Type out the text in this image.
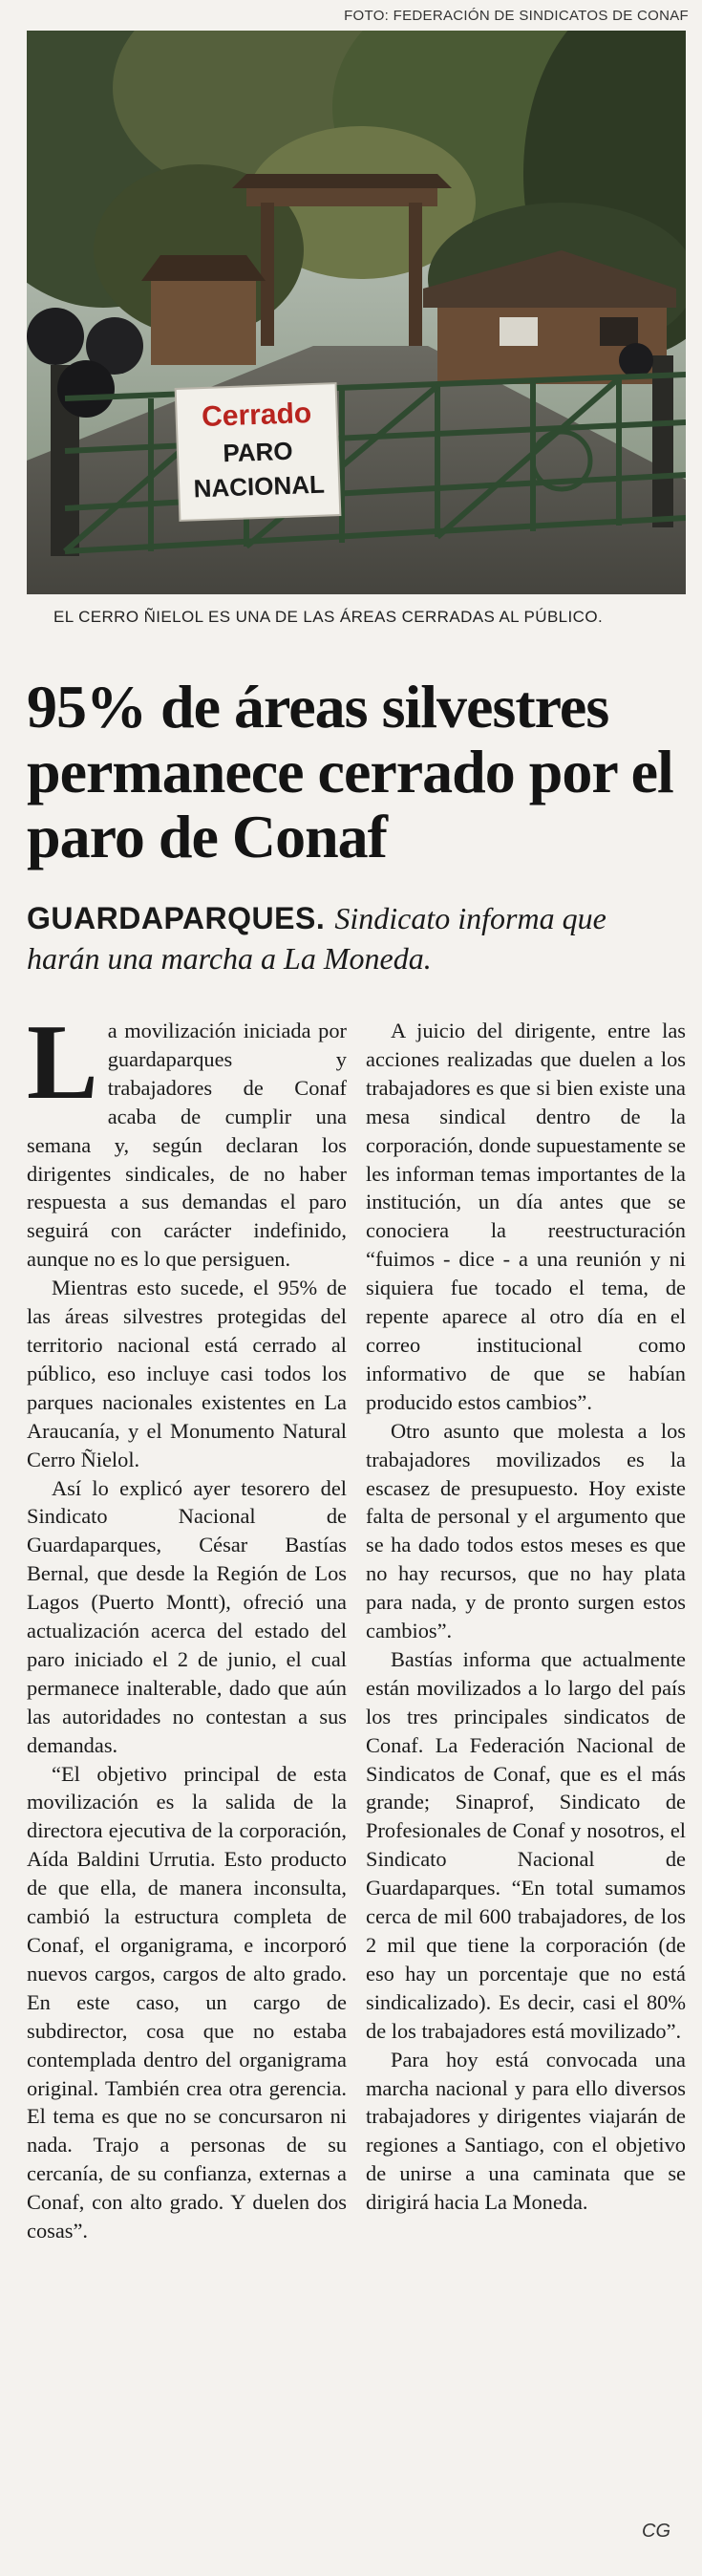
FOTO: FEDERACIÓN DE SINDICATOS DE CONAF
Cerrado
PARO
NACIONAL
EL CERRO ÑIELOL ES UNA DE LAS ÁREAS CERRADAS AL PÚBLICO.
95% de áreas silvestres permanece cerrado por el paro de Conaf
GUARDAPARQUES. Sindicato informa que harán una marcha a La Moneda.

La movilización iniciada por guardaparques y trabajadores de Conaf acaba de cumplir una semana y, según declaran los dirigentes sindicales, de no haber respuesta a sus demandas el paro seguirá con carácter indefinido, aunque no es lo que persiguen.

Mientras esto sucede, el 95% de las áreas silvestres protegidas del territorio nacional está cerrado al público, eso incluye casi todos los parques nacionales existentes en La Araucanía, y el Monumento Natural Cerro Ñielol.

Así lo explicó ayer tesorero del Sindicato Nacional de Guardaparques, César Bastías Bernal, que desde la Región de Los Lagos (Puerto Montt), ofreció una actualización acerca del estado del paro iniciado el 2 de junio, el cual permanece inalterable, dado que aún las autoridades no contestan a sus demandas.

“El objetivo principal de esta movilización es la salida de la directora ejecutiva de la corporación, Aída Baldini Urrutia. Esto producto de que ella, de manera inconsulta, cambió la estructura completa de Conaf, el organigrama, e incorporó nuevos cargos, cargos de alto grado. En este caso, un cargo de subdirector, cosa que no estaba contemplada dentro del organigrama original. También crea otra gerencia. El tema es que no se concursaron ni nada. Trajo a personas de su cercanía, de su confianza, externas a Conaf, con alto grado. Y duelen dos cosas”.

A juicio del dirigente, entre las acciones realizadas que duelen a los trabajadores es que si bien existe una mesa sindical dentro de la corporación, donde supuestamente se les informan temas importantes de la institución, un día antes que se conociera la reestructuración “fuimos - dice - a una reunión y ni siquiera fue tocado el tema, de repente aparece al otro día en el correo institucional como informativo de que se habían producido estos cambios”.

Otro asunto que molesta a los trabajadores movilizados es la escasez de presupuesto. Hoy existe falta de personal y el argumento que se ha dado todos estos meses es que no hay recursos, que no hay plata para nada, y de pronto surgen estos cambios”.

Bastías informa que actualmente están movilizados a lo largo del país los tres principales sindicatos de Conaf. La Federación Nacional de Sindicatos de Conaf, que es el más grande; Sinaprof, Sindicato de Profesionales de Conaf y nosotros, el Sindicato Nacional de Guardaparques. “En total sumamos cerca de mil 600 trabajadores, de los 2 mil que tiene la corporación (de eso hay un porcentaje que no está sindicalizado). Es decir, casi el 80% de los trabajadores está movilizado”.

Para hoy está convocada una marcha nacional y para ello diversos trabajadores y dirigentes viajarán de regiones a Santiago, con el objetivo de unirse a una caminata que se dirigirá hacia La Moneda.

CG
